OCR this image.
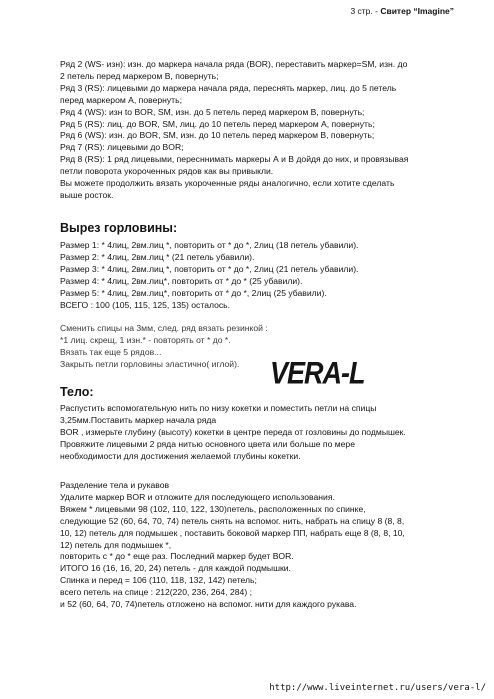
3 стр. - Свитер “Imagine”
Ряд 2 (WS- изн): изн. до маркера начала ряда (BOR), переставить маркер=SM, изн. до
2 петель перед маркером В, повернуть;
Ряд 3 (RS): лицевыми до маркера начала ряда, переснять маркер, лиц. до 5 петель
перед маркером А, повернуть;
Ряд 4 (WS): изн to BOR, SM, изн. до 5 петель перед маркером В, повернуть;
Ряд 5 (RS): лиц. до BOR, SM, лиц. до 10 петель перед маркером А, повернуть;
Ряд 6 (WS): изн. до BOR, SM, изн. до 10 петель перед маркером В, повернуть;
Ряд 7 (RS): лицевыми до BOR;
Ряд 8 (RS): 1 ряд лицевыми, пересннимать маркеры А и В дойдя до них, и провязывая
петли поворота укороченных рядов как вы привыкли.
Вы можете продолжить вязать укороченные ряды аналогично, если хотите сделать
выше росток.
Вырез горловины:
Размер 1: * 4лиц, 2вм.лиц *, повторить от * до *, 2лиц (18 петель убавили).
Размер 2: * 4лиц, 2вм.лиц * (21 петель убавили).
Размер 3: * 4лиц, 2вм.лиц *, повторить от * до *, 2лиц (21 петель убавили).
Размер 4: * 4лиц, 2вм.лиц*, повторить от * до * (25 убавили).
Размер 5: * 4лиц, 2вм.лиц*, повторить от * до *, 2лиц (25 убавили).
ВСЕГО : 100 (105, 115, 125, 135) осталось.
Сменить спицы на 3мм, след. ряд вязать резинкой :
*1 лиц. скрещ, 1 изн.* - повторять от * до *.
Вязать так еще 5 рядов...
Закрыть петли горловины эластично( иглой).	VERA-L
Тело:
Распустить вспомогательную нить по низу кокетки и поместить петли на спицы
3,25мм.Поставить маркер начала ряда
BOR , измерьте глубину (высоту) кокетки в центре переда от гозловины до подмышек.
Провяжите лицевыми 2 ряда нитью основного цвета или больше по мере
необходимости для достижения желаемой глубины кокетки.
Разделение тела и рукавов
Удалите маркер BOR и отложите для последующего использования.
Вяжем * лицевыми 98 (102, 110, 122, 130)петель, расположенных по спинке,
следующие 52 (60, 64, 70, 74) петель снять на вспомог. нить, набрать на спицу 8 (8, 8,
10, 12) петель для подмышек , поставить боковой маркер ПП, набрать еще 8 (8, 8, 10,
12) петель для подмышек *,
повторить с * до * еще раз. Последний маркер будет BOR.
ИТОГО 16 (16, 16, 20, 24) петель - для каждой подмышки.
Спинка и перед = 106 (110, 118, 132, 142) петель;
всего петель на спице : 212(220, 236, 264, 284) ;
и 52 (60, 64, 70, 74)петель отложено на вспомог. нити для каждого рукава.
http://www.liveinternet.ru/users/vera-l/
